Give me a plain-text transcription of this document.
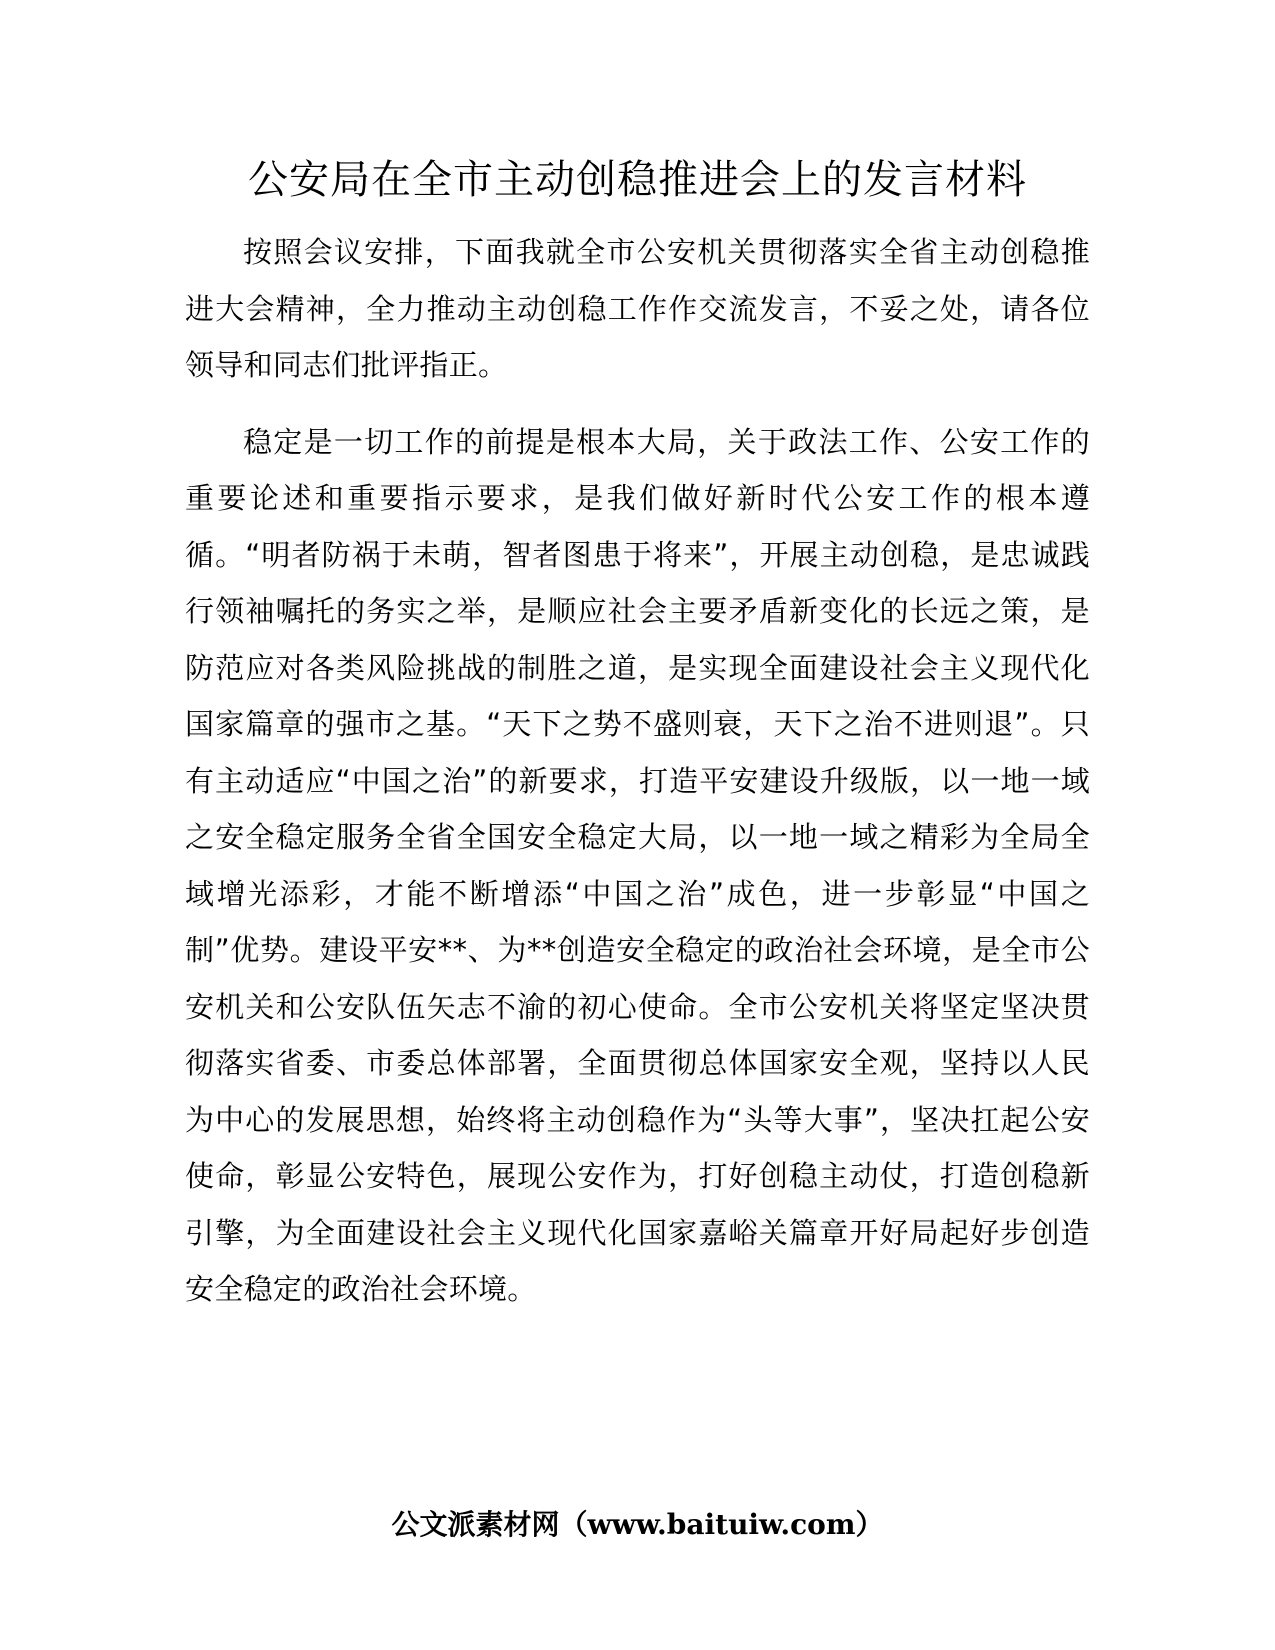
公安局在全市主动创稳推进会上的发言材料

按照会议安排，下面我就全市公安机关贯彻落实全省主动创稳推进大会精神，全力推动主动创稳工作作交流发言，不妥之处，请各位领导和同志们批评指正。

稳定是一切工作的前提是根本大局，关于政法工作、公安工作的重要论述和重要指示要求，是我们做好新时代公安工作的根本遵循。“明者防祸于未萌，智者图患于将来”，开展主动创稳，是忠诚践行领袖嘱托的务实之举，是顺应社会主要矛盾新变化的长远之策，是防范应对各类风险挑战的制胜之道，是实现全面建设社会主义现代化国家篇章的强市之基。“天下之势不盛则衰，天下之治不进则退”。只有主动适应“中国之治”的新要求，打造平安建设升级版，以一地一域之安全稳定服务全省全国安全稳定大局，以一地一域之精彩为全局全域增光添彩，才能不断增添“中国之治”成色，进一步彰显“中国之制”优势。建设平安**、为**创造安全稳定的政治社会环境，是全市公安机关和公安队伍矢志不渝的初心使命。全市公安机关将坚定坚决贯彻落实省委、市委总体部署，全面贯彻总体国家安全观，坚持以人民为中心的发展思想，始终将主动创稳作为“头等大事”，坚决扛起公安使命，彰显公安特色，展现公安作为，打好创稳主动仗，打造创稳新引擎，为全面建设社会主义现代化国家嘉峪关篇章开好局起好步创造安全稳定的政治社会环境。

公文派素材网（www.baituiw.com）
